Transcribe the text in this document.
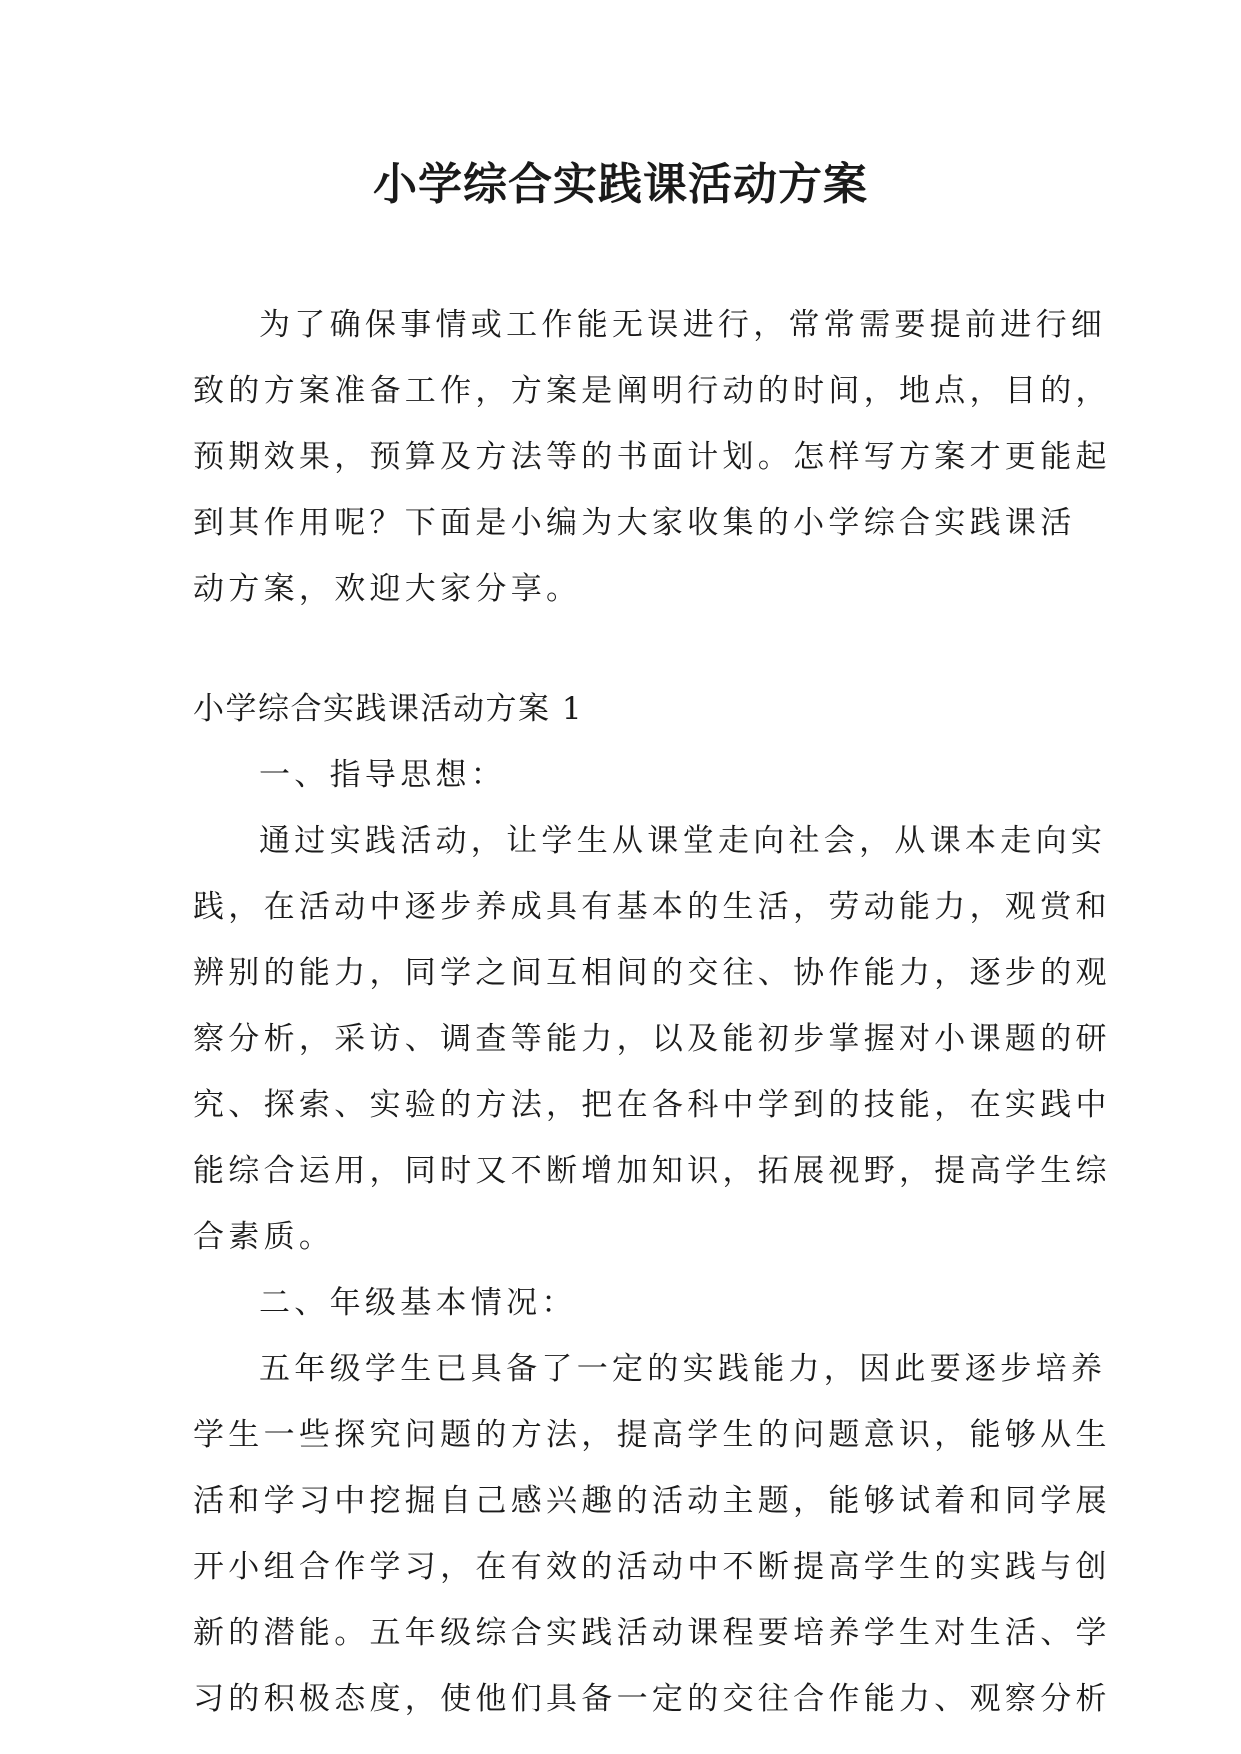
小学综合实践课活动方案
为了确保事情或工作能无误进行，常常需要提前进行细
致的方案准备工作，方案是阐明行动的时间，地点，目的，
预期效果，预算及方法等的书面计划。怎样写方案才更能起
到其作用呢？下面是小编为大家收集的小学综合实践课活
动方案，欢迎大家分享。
小学综合实践课活动方案 1
一、指导思想：
通过实践活动，让学生从课堂走向社会，从课本走向实
践，在活动中逐步养成具有基本的生活，劳动能力，观赏和
辨别的能力，同学之间互相间的交往、协作能力，逐步的观
察分析，采访、调查等能力，以及能初步掌握对小课题的研
究、探索、实验的方法，把在各科中学到的技能，在实践中
能综合运用，同时又不断增加知识，拓展视野，提高学生综
合素质。
二、年级基本情况：
五年级学生已具备了一定的实践能力，因此要逐步培养
学生一些探究问题的方法，提高学生的问题意识，能够从生
活和学习中挖掘自己感兴趣的活动主题，能够试着和同学展
开小组合作学习，在有效的活动中不断提高学生的实践与创
新的潜能。五年级综合实践活动课程要培养学生对生活、学
习的积极态度，使他们具备一定的交往合作能力、观察分析
